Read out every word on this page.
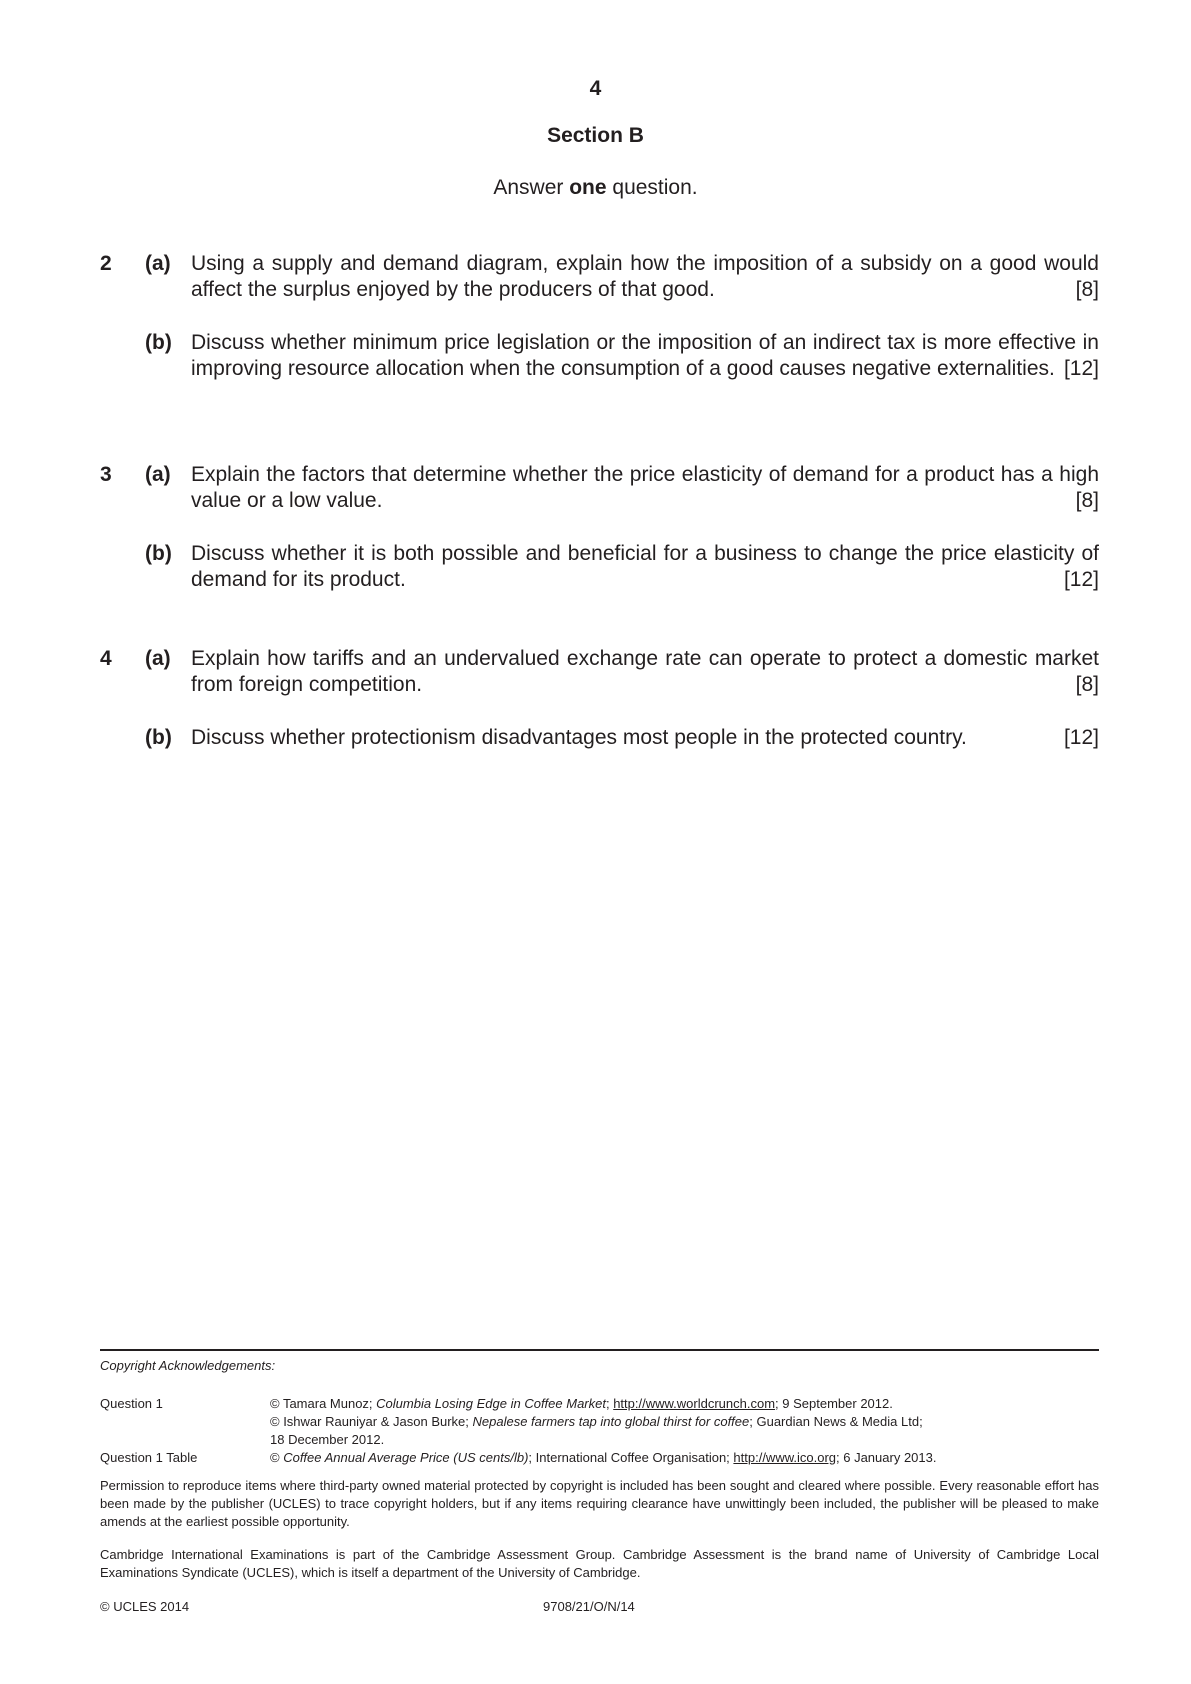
4
Section B
Answer one question.
2 (a) Using a supply and demand diagram, explain how the imposition of a subsidy on a good would affect the surplus enjoyed by the producers of that good.	[8]
(b) Discuss whether minimum price legislation or the imposition of an indirect tax is more effective in improving resource allocation when the consumption of a good causes negative externalities. [12]
3 (a) Explain the factors that determine whether the price elasticity of demand for a product has a high value or a low value.	[8]
(b) Discuss whether it is both possible and beneficial for a business to change the price elasticity of demand for its product.	[12]
4 (a) Explain how tariffs and an undervalued exchange rate can operate to protect a domestic market from foreign competition.	[8]
(b) Discuss whether protectionism disadvantages most people in the protected country.	[12]
Copyright Acknowledgements:
Question 1	© Tamara Munoz; Columbia Losing Edge in Coffee Market; http://www.worldcrunch.com; 9 September 2012.
© Ishwar Rauniyar & Jason Burke; Nepalese farmers tap into global thirst for coffee; Guardian News & Media Ltd;
18 December 2012.
Question 1 Table	© Coffee Annual Average Price (US cents/lb); International Coffee Organisation; http://www.ico.org; 6 January 2013.
Permission to reproduce items where third-party owned material protected by copyright is included has been sought and cleared where possible. Every reasonable effort has been made by the publisher (UCLES) to trace copyright holders, but if any items requiring clearance have unwittingly been included, the publisher will be pleased to make amends at the earliest possible opportunity.
Cambridge International Examinations is part of the Cambridge Assessment Group. Cambridge Assessment is the brand name of University of Cambridge Local Examinations Syndicate (UCLES), which is itself a department of the University of Cambridge.
© UCLES 2014	9708/21/O/N/14
